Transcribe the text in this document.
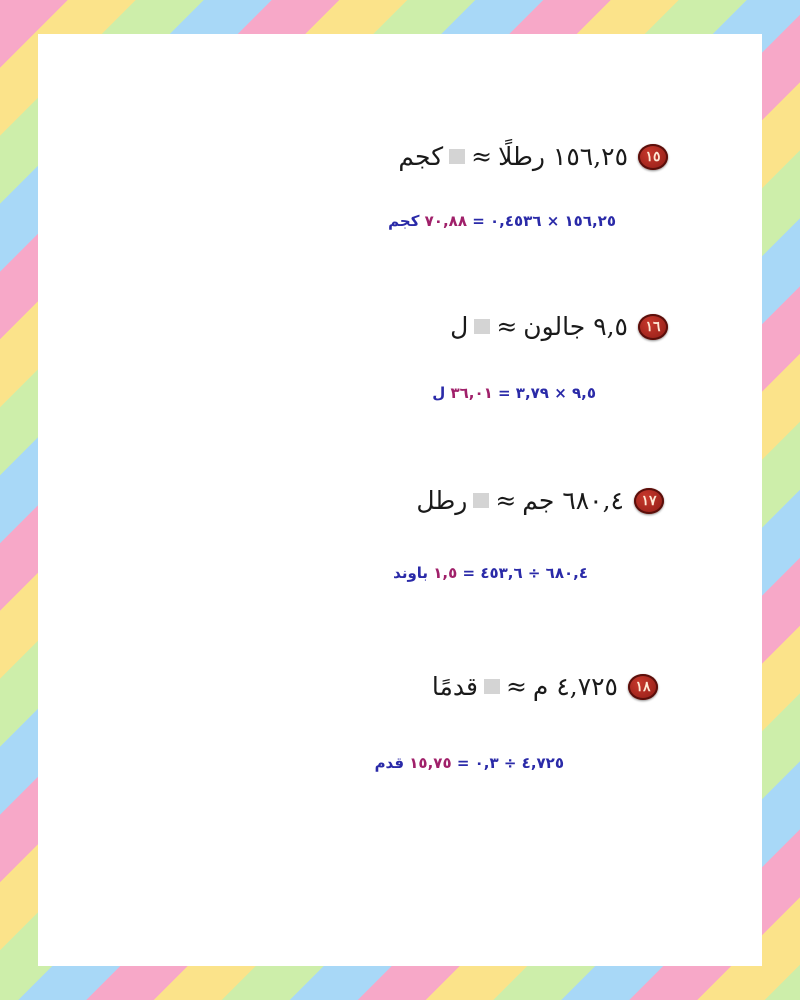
١٥
١٥٦,٢٥ رطلًا
≈
كجم
١٥٦,٢٥ × ٠,٤٥٣٦ = ٧٠,٨٨ كجم
١٦
٩,٥ جالون
≈
ل
٩,٥ × ٣,٧٩ = ٣٦,٠١ ل
١٧
٦٨٠,٤ جم
≈
رطل
٦٨٠,٤ ÷ ٤٥٣,٦ = ١,٥ باوند
١٨
٤,٧٢٥ م
≈
قدمًا
٤,٧٢٥ ÷ ٠,٣ = ١٥,٧٥ قدم
